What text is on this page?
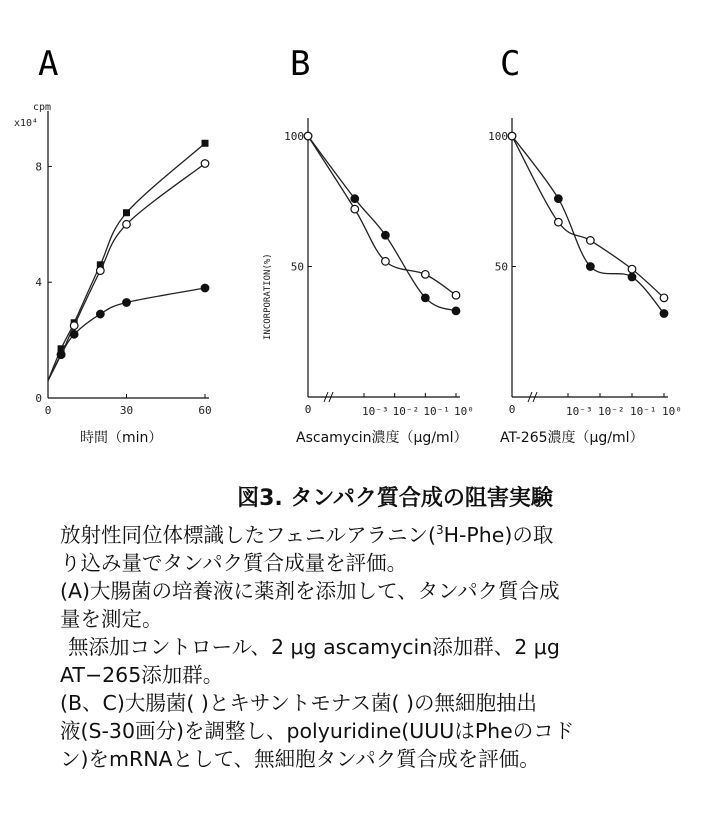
A	B	C
cpm
x10⁴
0
4
8
0	30	60
時間（min）
INCORPORATION(%)
100
50
0	10⁻³ 10⁻² 10⁻¹ 10⁰
Ascamycin濃度（μg/ml）
100
50
0	10⁻³ 10⁻² 10⁻¹ 10⁰
AT-265濃度（μg/ml）
図3. タンパク質合成の阻害実験
放射性同位体標識したフェニルアラニン($^3$H-Phe)の取
り込み量でタンパク質合成量を評価。
(A)大腸菌の培養液に薬剤を添加して、タンパク質合成
量を測定。
無添加コントロール、2 μg ascamycin添加群、2 μg
AT−265添加群。
(B、C)大腸菌( )とキサントモナス菌( )の無細胞抽出
液(S-30画分)を調整し、polyuridine(UUUはPheのコド
ン)をmRNAとして、無細胞タンパク質合成を評価。
